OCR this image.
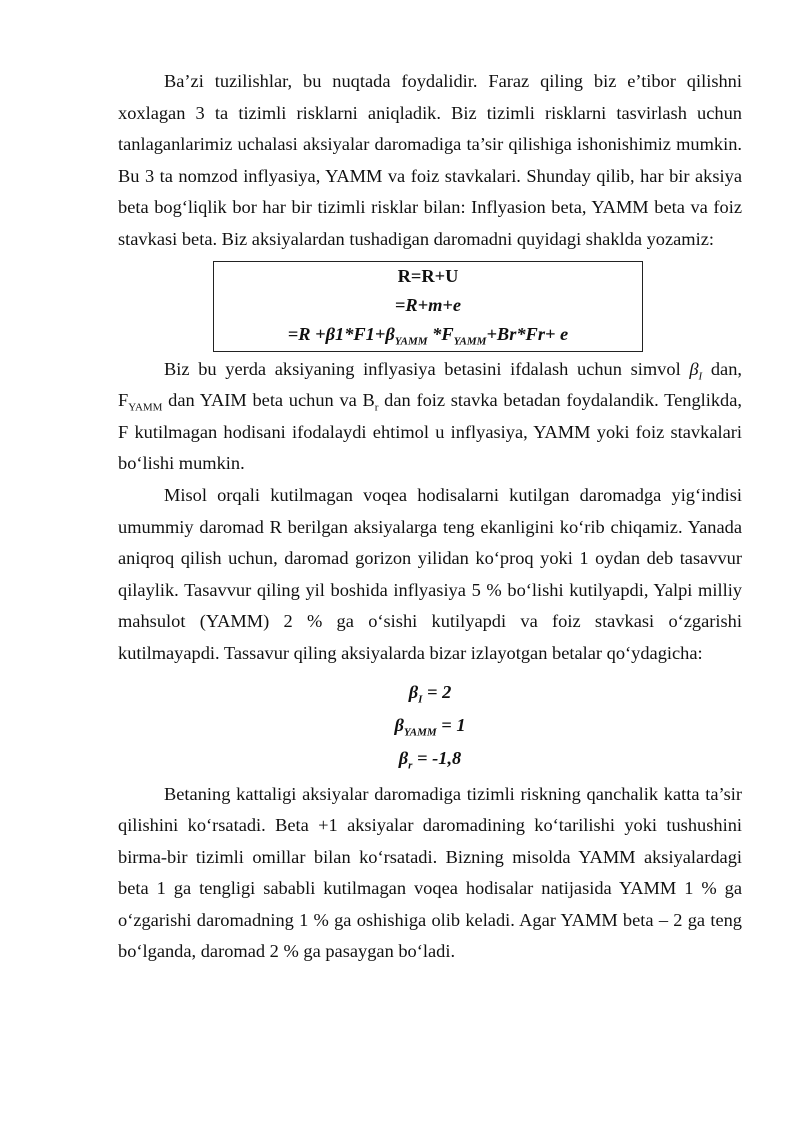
Ba’zi tuzilishlar, bu nuqtada foydalidir. Faraz qiling biz e’tibor qilishni xoxlagan 3 ta tizimli risklarni aniqladik. Biz tizimli risklarni tasvirlash uchun tanlaganlarimiz uchalasi aksiyalar daromadiga ta’sir qilishiga ishonishimiz mumkin. Bu 3 ta nomzod inflyasiya, YAMM va foiz stavkalari. Shunday qilib, har bir aksiya beta bog‘liqlik bor har bir tizimli risklar bilan: Inflyasion beta, YAMM beta va foiz stavkasi beta. Biz aksiyalardan tushadigan daromadni quyidagi shaklda yozamiz:

R=R+U
=R+m+e
$=R +\beta 1*F1+\beta_{YAMM}$ $*F_{YAMM}+Br*Fr+ e$

Biz bu yerda aksiyaning inflyasiya betasini ifdalash uchun simvol $\beta_I$ dan, $F_{YAMM}$ dan YAIM beta uchun va $B_r$ dan foiz stavka betadan foydalandik. Tenglikda, F kutilmagan hodisani ifodalaydi ehtimol u inflyasiya, YAMM yoki foiz stavkalari bo‘lishi mumkin.

Misol orqali kutilmagan voqea hodisalarni kutilgan daromadga yig‘indisi umummiy daromad R berilgan aksiyalarga teng ekanligini ko‘rib chiqamiz. Yanada aniqroq qilish uchun, daromad gorizon yilidan ko‘proq yoki 1 oydan deb tasavvur qilaylik. Tasavvur qiling yil boshida inflyasiya 5 % bo‘lishi kutilyapdi, Yalpi milliy mahsulot (YAMM) 2 % ga o‘sishi kutilyapdi va foiz stavkasi o‘zgarishi kutilmayapdi. Tassavur qiling aksiyalarda bizar izlayotgan betalar qo‘ydagicha:

$\beta_I = 2$
$\beta_{YAMM} = 1$
$\beta_r = -1,8$

Betaning kattaligi aksiyalar daromadiga tizimli riskning qanchalik katta ta’sir qilishini ko‘rsatadi. Beta +1 aksiyalar daromadining ko‘tarilishi yoki tushushini birma-bir tizimli omillar bilan ko‘rsatadi. Bizning misolda YAMM aksiyalardagi beta 1 ga tengligi sababli kutilmagan voqea hodisalar natijasida YAMM 1 % ga o‘zgarishi daromadning 1 % ga oshishiga olib keladi. Agar YAMM beta – 2 ga teng bo‘lganda, daromad 2 % ga pasaygan bo‘ladi.
